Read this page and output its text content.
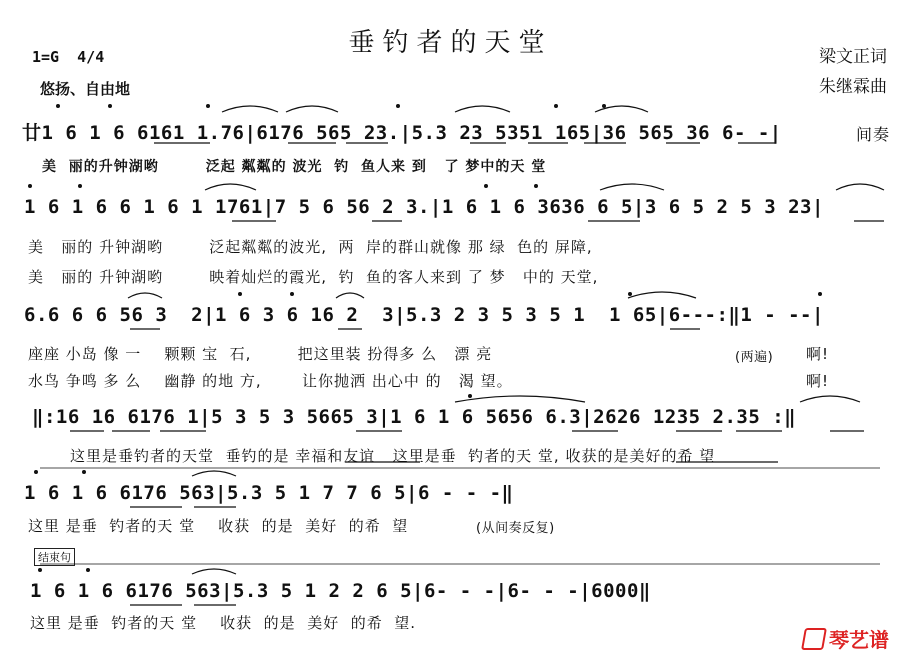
垂钓者的天堂
1=G  4/4
悠扬、自由地
梁文正词
朱继霖曲
廿1 6 1 6 6161 1.76|6176 565 23.|5.3 23 5351 165|36 565 36 6- -|	间奏
美  丽的升钟湖哟        泛起 粼粼的 波光  钓  鱼人来 到   了 梦中的天 堂
1 6 1 6 6 1 6 1 1761|7 5 6 56 2 3.|1 6 1 6 3636 6 5|3 6 5 2 5 3 23|
美   丽的 升钟湖哟        泛起粼粼的波光,  两  岸的群山就像 那 绿  色的 屏障,
美   丽的 升钟湖哟        映着灿烂的霞光,  钓  鱼的客人来到 了 梦   中的 天堂,
6.6 6 6 56 3  2|1 6 3 6 16 2  3|5.3 2 3 5 3 5 1  1 65|6---:‖1 - --|
座座 小岛 像 一    颗颗 宝  石,        把这里装 扮得多 么   漂 亮	(两遍) 啊!
水鸟 争鸣 多 么    幽静 的地 方,       让你抛洒 出心中 的   渴 望。	啊!
‖:16 16 6176 1|5 3 5 3 5665 3|1 6 1 6 5656 6.3|2626 1235 2.35 :‖
这里是垂钓者的天堂  垂钓的是 幸福和友谊   这里是垂  钓者的天 堂, 收获的是美好的希 望
1 6 1 6 6176 563|5.3 5 1 7 7 6 5|6 - - -‖
这里 是垂  钓者的天 堂    收获  的是  美好  的希  望	(从间奏反复)
结束句
1 6 1 6 6176 563|5.3 5 1 2 2 6 5|6- - -|6- - -|6000‖
这里 是垂  钓者的天 堂    收获  的是  美好  的希  望.
琴艺谱
